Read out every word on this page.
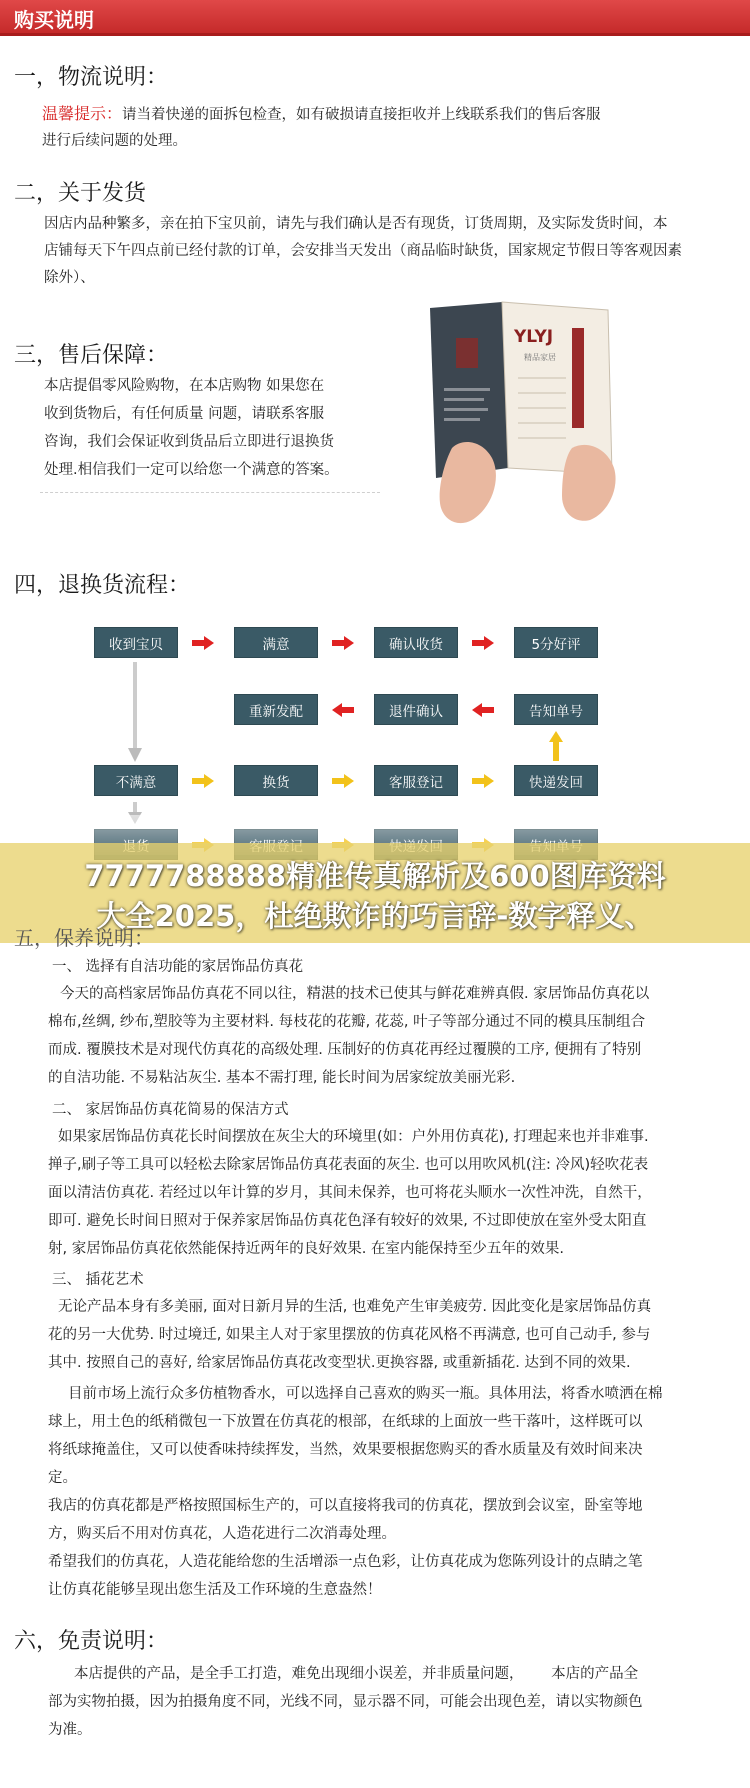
购买说明
一，物流说明：
温馨提示：请当着快递的面拆包检查，如有破损请直接拒收并上线联系我们的售后客服
进行后续问题的处理。
二，关于发货
因店内品种繁多，亲在拍下宝贝前，请先与我们确认是否有现货，订货周期，及实际发货时间，本
店铺每天下午四点前已经付款的订单，会安排当天发出（商品临时缺货，国家规定节假日等客观因素
除外）、
三，售后保障：
本店提倡零风险购物，在本店购物 如果您在
收到货物后，有任何质量 问题，请联系客服
咨询，我们会保证收到货品后立即进行退换货
处理.相信我们一定可以给您一个满意的答案。
YLYJ
精品家居
四，退换货流程：
收到宝贝	满意	确认收货	5分好评
重新发配	退件确认	告知单号
不满意	换货	客服登记	快递发回
7777788888精准传真解析及600图库资料
大全2025，杜绝欺诈的巧言辞-数字释义、
五，保养说明：
一、 选择有自洁功能的家居饰品仿真花
今天的高档家居饰品仿真花不同以往，精湛的技术已使其与鲜花难辨真假. 家居饰品仿真花以
棉布,丝绸, 纱布,塑胶等为主要材料. 每枝花的花瓣, 花蕊, 叶子等部分通过不同的模具压制组合
而成. 覆膜技术是对现代仿真花的高级处理. 压制好的仿真花再经过覆膜的工序, 便拥有了特别
的自洁功能. 不易粘沾灰尘. 基本不需打理, 能长时间为居家绽放美丽光彩.
二、 家居饰品仿真花简易的保洁方式
如果家居饰品仿真花长时间摆放在灰尘大的环境里(如：户外用仿真花), 打理起来也并非难事.
掸子,刷子等工具可以轻松去除家居饰品仿真花表面的灰尘. 也可以用吹风机(注: 冷风)轻吹花表
面以清洁仿真花. 若经过以年计算的岁月，其间未保养，也可将花头顺水一次性冲洗，自然干，
即可. 避免长时间日照对于保养家居饰品仿真花色泽有较好的效果, 不过即使放在室外受太阳直
射, 家居饰品仿真花依然能保持近两年的良好效果. 在室内能保持至少五年的效果.
三、 插花艺术
无论产品本身有多美丽, 面对日新月异的生活, 也难免产生审美疲劳. 因此变化是家居饰品仿真
花的另一大优势. 时过境迁, 如果主人对于家里摆放的仿真花风格不再满意, 也可自己动手, 参与
其中. 按照自己的喜好, 给家居饰品仿真花改变型状.更换容器, 或重新插花. 达到不同的效果.
目前市场上流行众多仿植物香水，可以选择自己喜欢的购买一瓶。具体用法，将香水喷洒在棉
球上，用土色的纸稍微包一下放置在仿真花的根部，在纸球的上面放一些干落叶，这样既可以
将纸球掩盖住，又可以使香味持续挥发，当然，效果要根据您购买的香水质量及有效时间来决
定。
我店的仿真花都是严格按照国标生产的，可以直接将我司的仿真花，摆放到会议室，卧室等地
方，购买后不用对仿真花，人造花进行二次消毒处理。
希望我们的仿真花，人造花能给您的生活增添一点色彩，让仿真花成为您陈列设计的点睛之笔
让仿真花能够呈现出您生活及工作环境的生意盎然！
六，免责说明：
本店提供的产品，是全手工打造，难免出现细小误差，并非质量问题，      本店的产品全
部为实物拍摄，因为拍摄角度不同，光线不同，显示器不同，可能会出现色差，请以实物颜色
为准。
